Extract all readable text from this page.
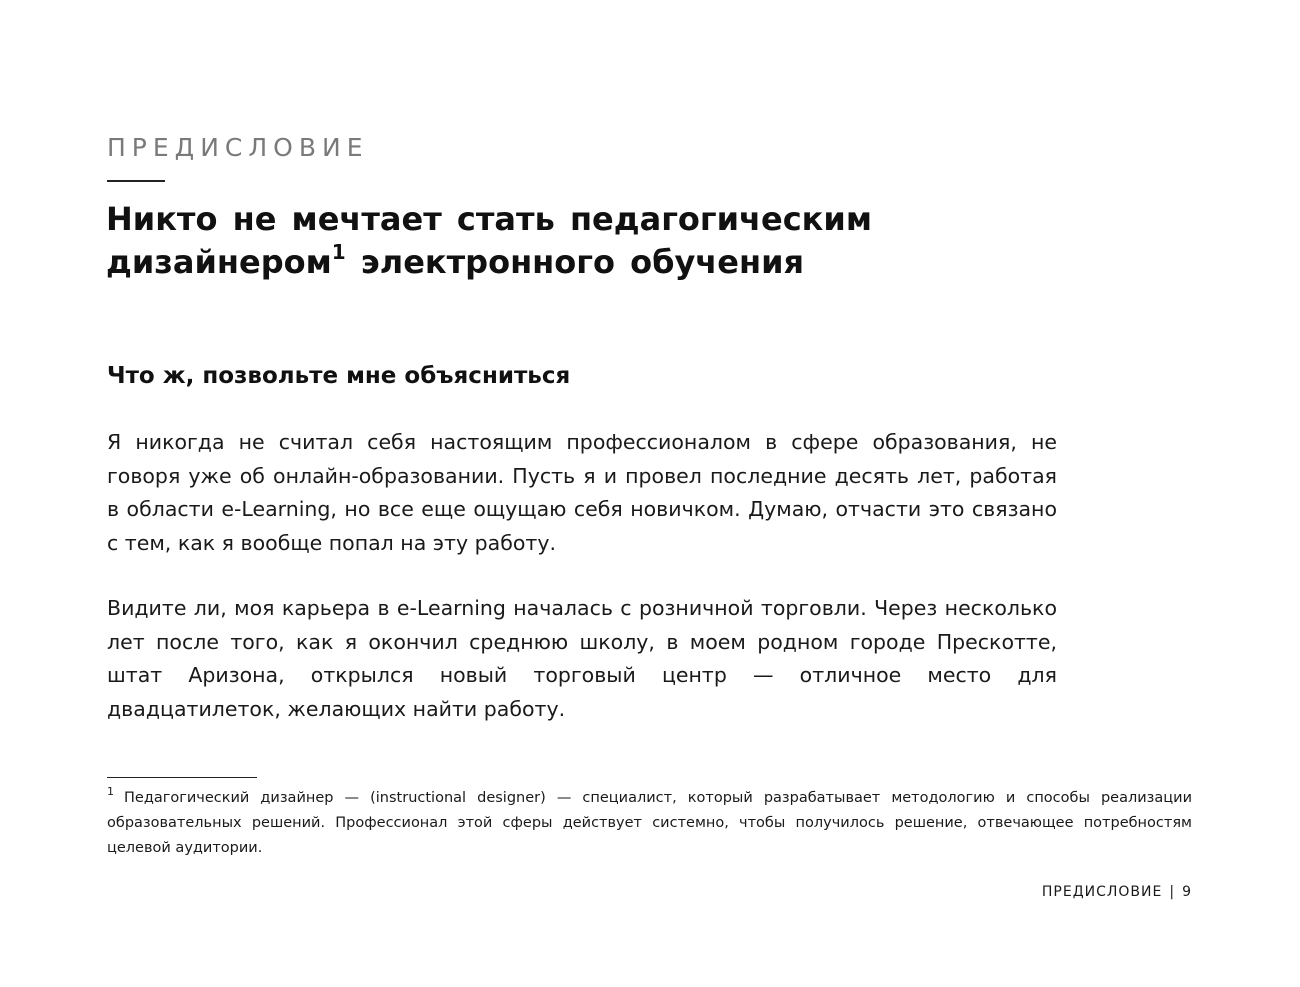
ПРЕДИСЛОВИЕ
Никто не мечтает стать педагогическим
дизайнером$^1$ электронного обучения
Что ж, позвольте мне объясниться

Я никогда не считал себя настоящим профессионалом в сфере образования, не говоря уже об онлайн-образовании. Пусть я и провел последние десять лет, работая в области e-Learning, но все еще ощущаю себя новичком. Думаю, отчасти это связано с тем, как я вообще попал на эту работу.

Видите ли, моя карьера в e-Learning началась с розничной торговли. Через несколько лет после того, как я окончил среднюю школу, в моем родном городе Прескотте, штат Аризона, открылся новый торговый центр — отличное место для двадцатилеток, желающих найти работу.

$^1$ Педагогический дизайнер — (instructional designer) — специалист, который разрабатывает методологию и способы реализации образовательных решений. Профессионал этой сферы действует системно, чтобы получилось решение, отвечающее потребностям целевой аудитории.

ПРЕДИСЛОВИЕ | 9
